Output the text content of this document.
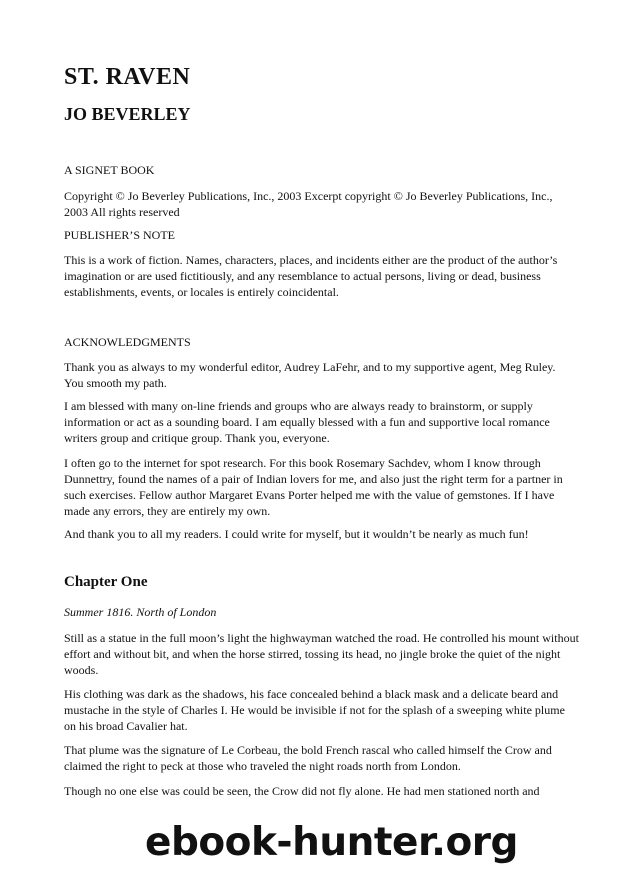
ST. RAVEN
JO BEVERLEY

A SIGNET BOOK

Copyright © Jo Beverley Publications, Inc., 2003 Excerpt copyright © Jo Beverley Publications, Inc.,
2003 All rights reserved

PUBLISHER’S NOTE

This is a work of fiction. Names, characters, places, and incidents either are the product of the author’s
imagination or are used fictitiously, and any resemblance to actual persons, living or dead, business
establishments, events, or locales is entirely coincidental.

ACKNOWLEDGMENTS

Thank you as always to my wonderful editor, Audrey LaFehr, and to my supportive agent, Meg Ruley.
You smooth my path.

I am blessed with many on-line friends and groups who are always ready to brainstorm, or supply
information or act as a sounding board. I am equally blessed with a fun and supportive local romance
writers group and critique group. Thank you, everyone.

I often go to the internet for spot research. For this book Rosemary Sachdev, whom I know through
Dunnettry, found the names of a pair of Indian lovers for me, and also just the right term for a partner in
such exercises. Fellow author Margaret Evans Porter helped me with the value of gemstones. If I have
made any errors, they are entirely my own.

And thank you to all my readers. I could write for myself, but it wouldn’t be nearly as much fun!

Chapter One

Summer 1816. North of London

Still as a statue in the full moon’s light the highwayman watched the road. He controlled his mount without
effort and without bit, and when the horse stirred, tossing its head, no jingle broke the quiet of the night
woods.

His clothing was dark as the shadows, his face concealed behind a black mask and a delicate beard and
mustache in the style of Charles I. He would be invisible if not for the splash of a sweeping white plume
on his broad Cavalier hat.

That plume was the signature of Le Corbeau, the bold French rascal who called himself the Crow and
claimed the right to peck at those who traveled the night roads north from London.

Though no one else was could be seen, the Crow did not fly alone. He had men stationed north and

ebook-hunter.org
